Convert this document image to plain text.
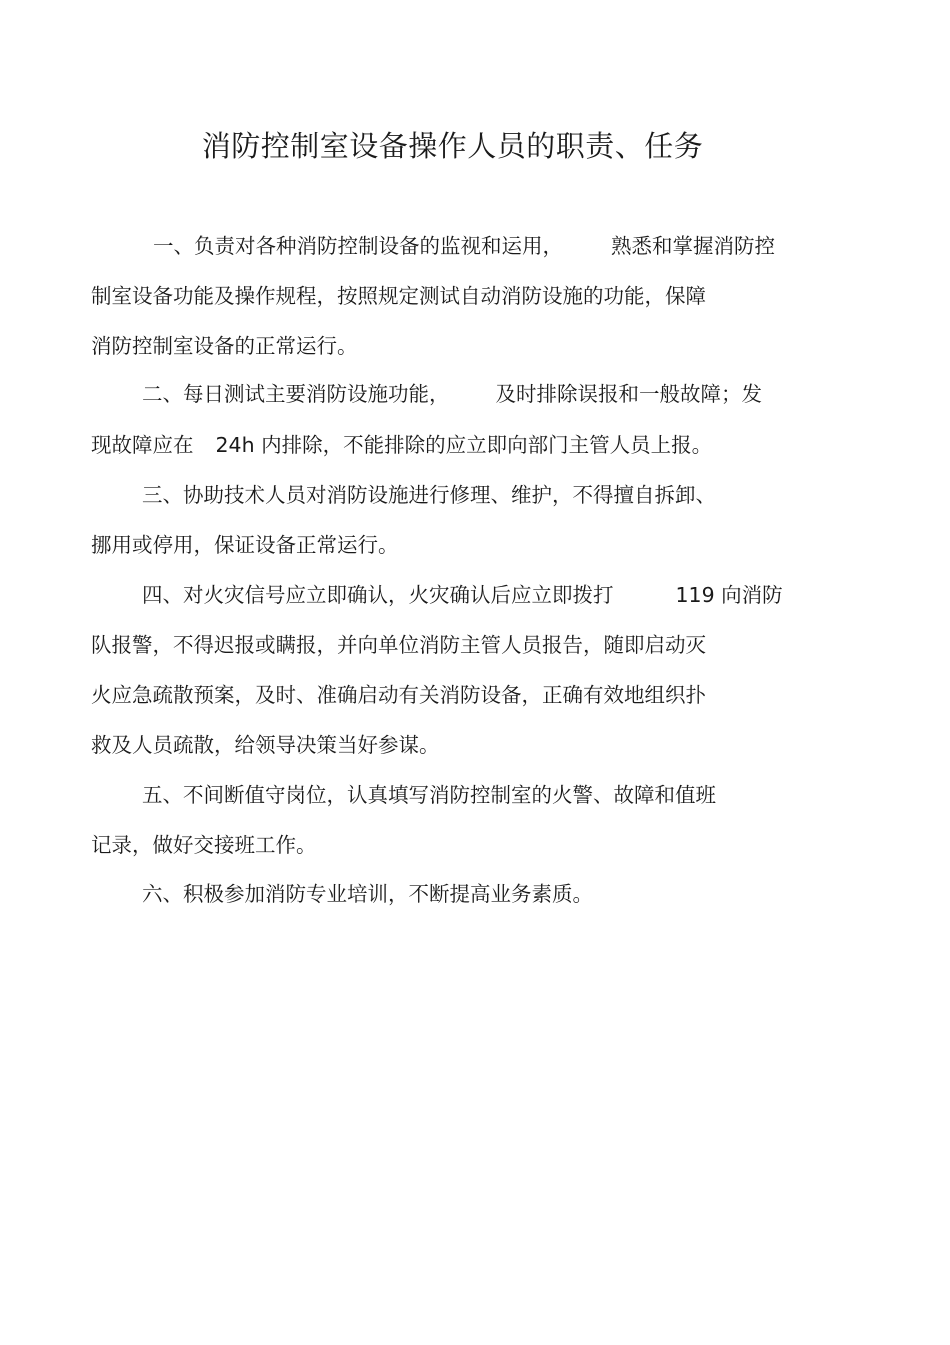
消防控制室设备操作人员的职责、任务
一、负责对各种消防控制设备的监视和运用， 熟悉和掌握消防控
制室设备功能及操作规程，按照规定测试自动消防设施的功能，保障
消防控制室设备的正常运行。
二、每日测试主要消防设施功能， 及时排除误报和一般故障；发
现故障应在 24h 内排除，不能排除的应立即向部门主管人员上报。
三、协助技术人员对消防设施进行修理、维护，不得擅自拆卸、
挪用或停用，保证设备正常运行。
四、对火灾信号应立即确认，火灾确认后应立即拨打	119 向消防
队报警，不得迟报或瞒报，并向单位消防主管人员报告，随即启动灭
火应急疏散预案，及时、准确启动有关消防设备，正确有效地组织扑
救及人员疏散，给领导决策当好参谋。
五、不间断值守岗位，认真填写消防控制室的火警、故障和值班
记录，做好交接班工作。
六、积极参加消防专业培训，不断提高业务素质。
